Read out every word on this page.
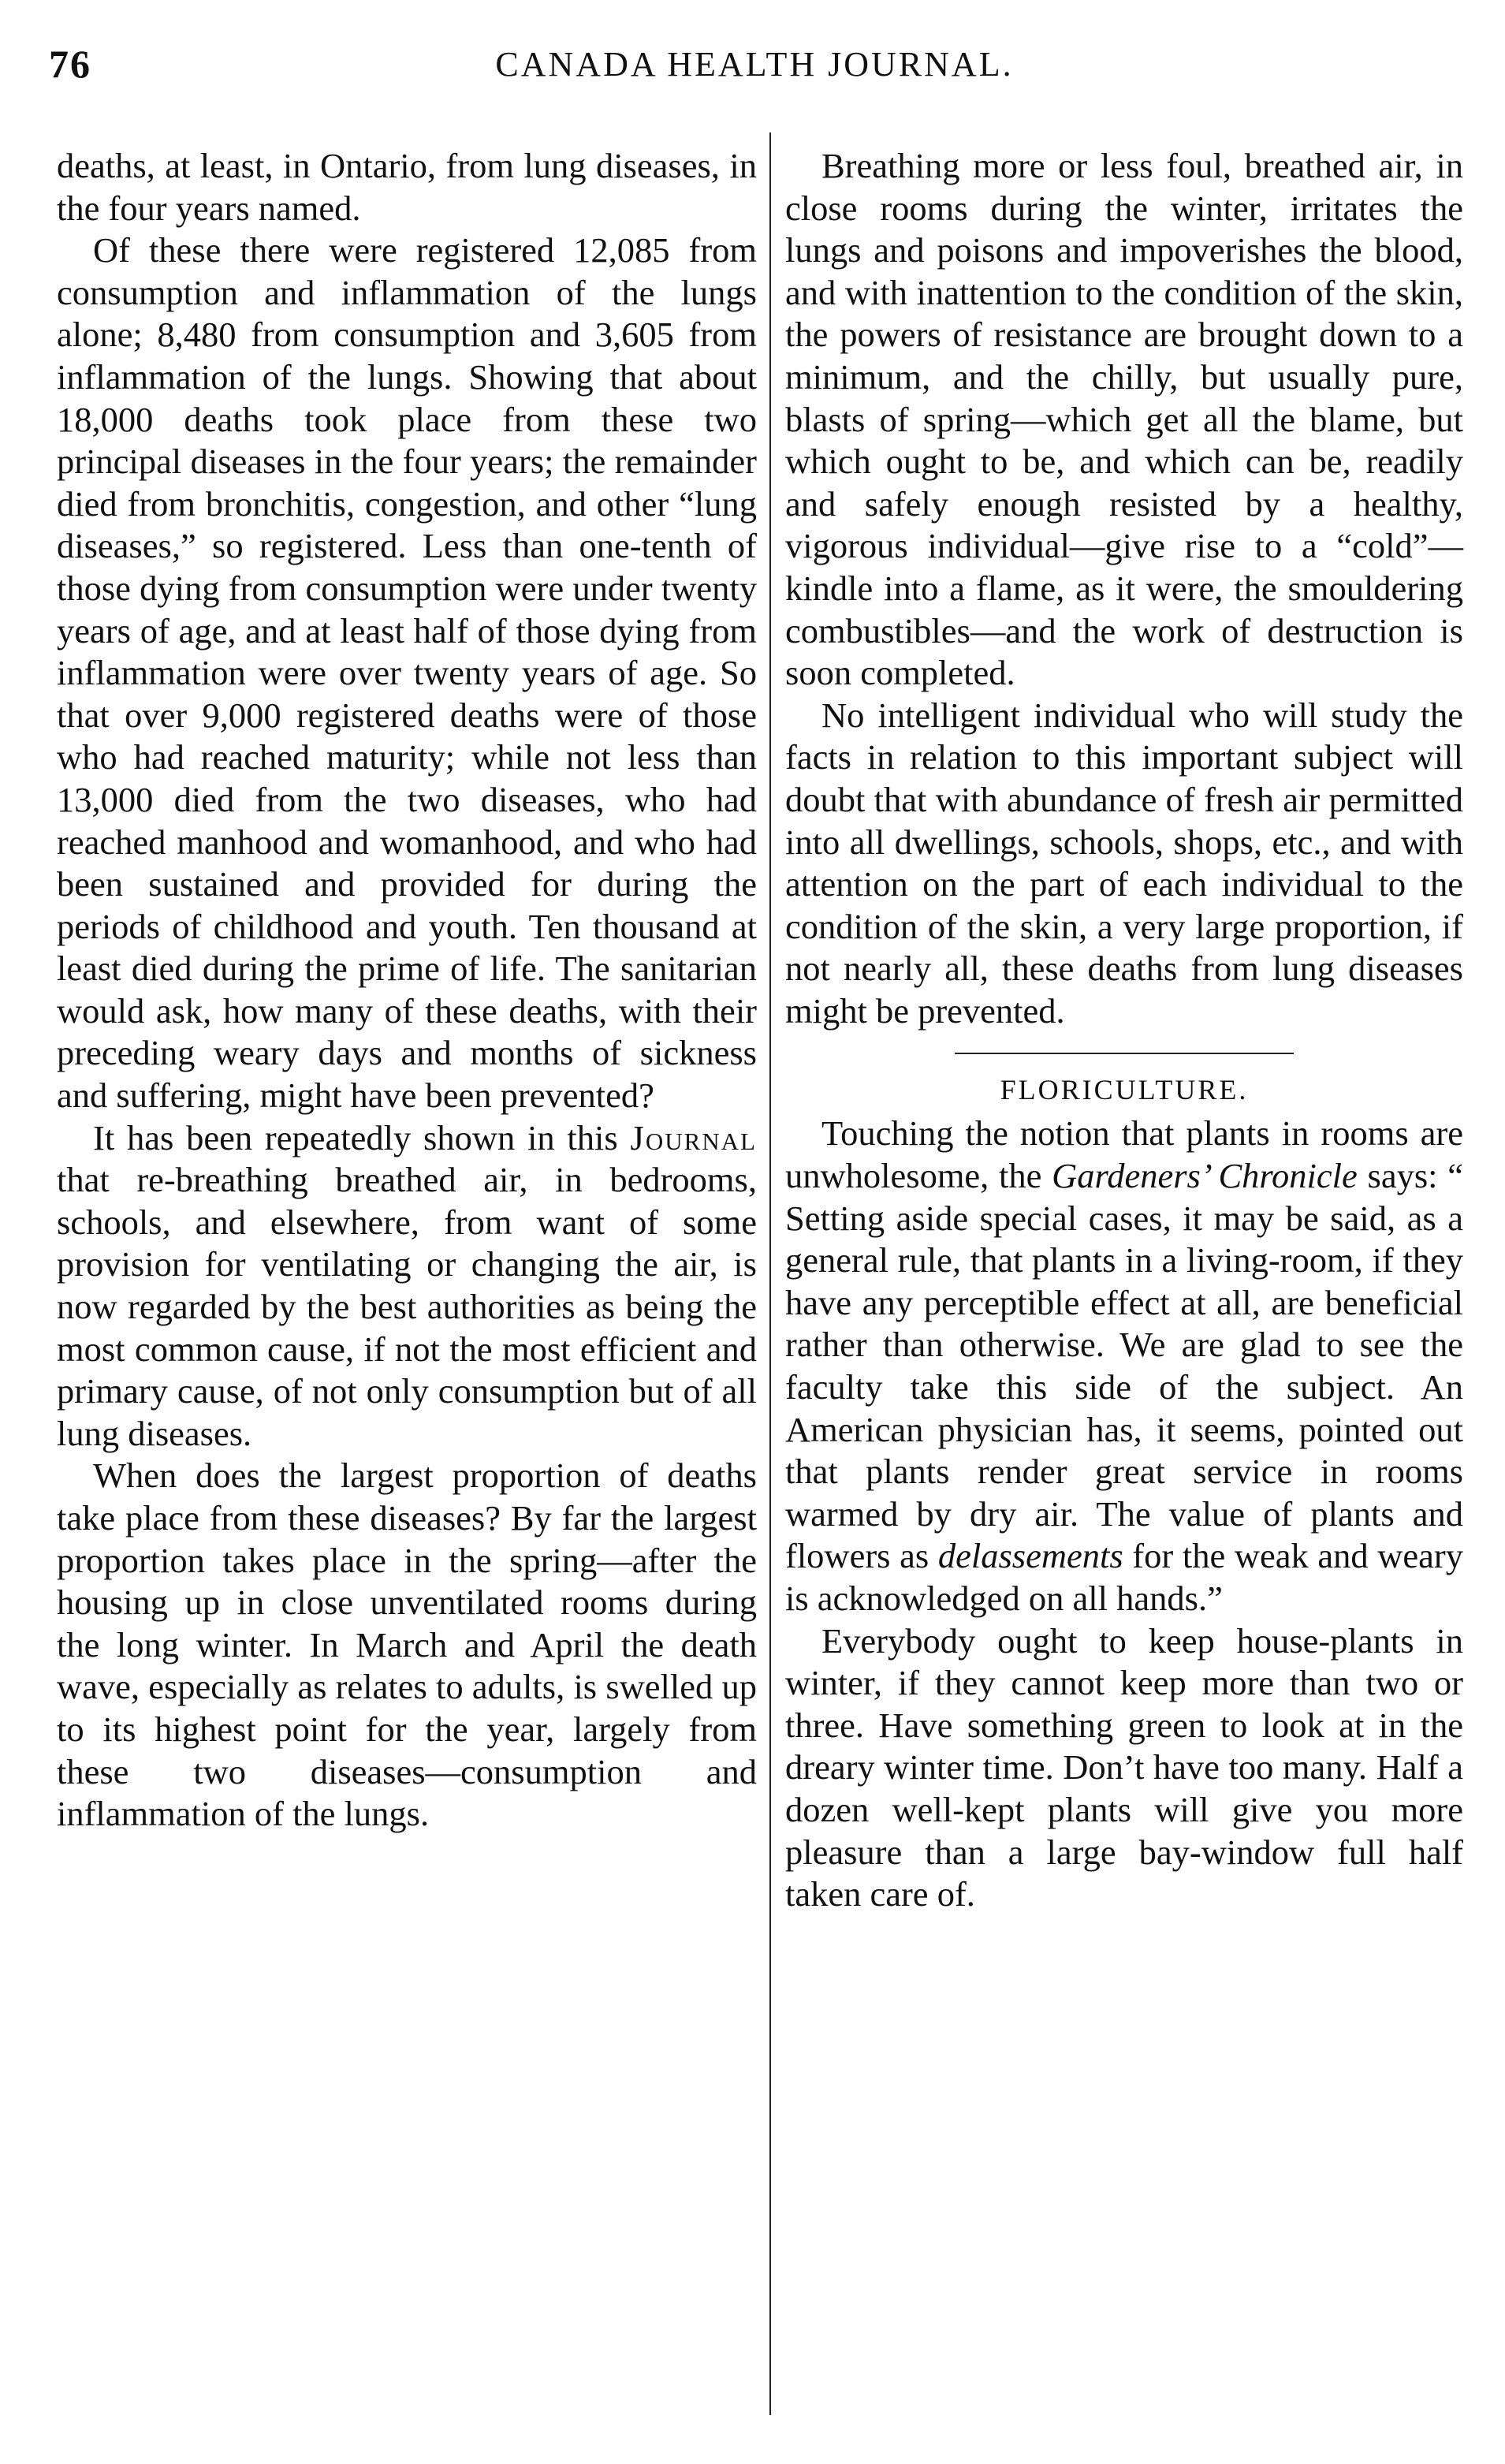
76	CANADA HEALTH JOURNAL.

deaths, at least, in Ontario, from lung diseases, in the four years named.

Of these there were registered 12,085 from consumption and inflammation of the lungs alone; 8,480 from consumption and 3,605 from inflammation of the lungs. Showing that about 18,000 deaths took place from these two principal diseases in the four years; the remainder died from bronchitis, congestion, and other “lung diseases,” so registered. Less than one-tenth of those dying from consumption were under twenty years of age, and at least half of those dying from inflammation were over twenty years of age. So that over 9,000 registered deaths were of those who had reached maturity; while not less than 13,000 died from the two diseases, who had reached manhood and womanhood, and who had been sustained and provided for during the periods of childhood and youth. Ten thousand at least died during the prime of life. The sanitarian would ask, how many of these deaths, with their preceding weary days and months of sickness and suffering, might have been prevented?

It has been repeatedly shown in this Journal that re-breathing breathed air, in bedrooms, schools, and elsewhere, from want of some provision for ventilating or changing the air, is now regarded by the best authorities as being the most common cause, if not the most efficient and primary cause, of not only consumption but of all lung diseases.

When does the largest proportion of deaths take place from these diseases? By far the largest proportion takes place in the spring—after the housing up in close unventilated rooms during the long winter. In March and April the death wave, especially as relates to adults, is swelled up to its highest point for the year, largely from these two diseases—consumption and inflammation of the lungs.

Breathing more or less foul, breathed air, in close rooms during the winter, irritates the lungs and poisons and impoverishes the blood, and with inattention to the condition of the skin, the powers of resistance are brought down to a minimum, and the chilly, but usually pure, blasts of spring—which get all the blame, but which ought to be, and which can be, readily and safely enough resisted by a healthy, vigorous individual—give rise to a “cold”—kindle into a flame, as it were, the smouldering combustibles—and the work of destruction is soon completed.

No intelligent individual who will study the facts in relation to this important subject will doubt that with abundance of fresh air permitted into all dwellings, schools, shops, etc., and with attention on the part of each individual to the condition of the skin, a very large proportion, if not nearly all, these deaths from lung diseases might be prevented.

FLORICULTURE.

Touching the notion that plants in rooms are unwholesome, the Gardeners’ Chronicle says: “ Setting aside special cases, it may be said, as a general rule, that plants in a living-room, if they have any perceptible effect at all, are beneficial rather than otherwise. We are glad to see the faculty take this side of the subject. An American physician has, it seems, pointed out that plants render great service in rooms warmed by dry air. The value of plants and flowers as delassements for the weak and weary is acknowledged on all hands.”

Everybody ought to keep house-plants in winter, if they cannot keep more than two or three. Have something green to look at in the dreary winter time. Don’t have too many. Half a dozen well-kept plants will give you more pleasure than a large bay-window full half taken care of.
